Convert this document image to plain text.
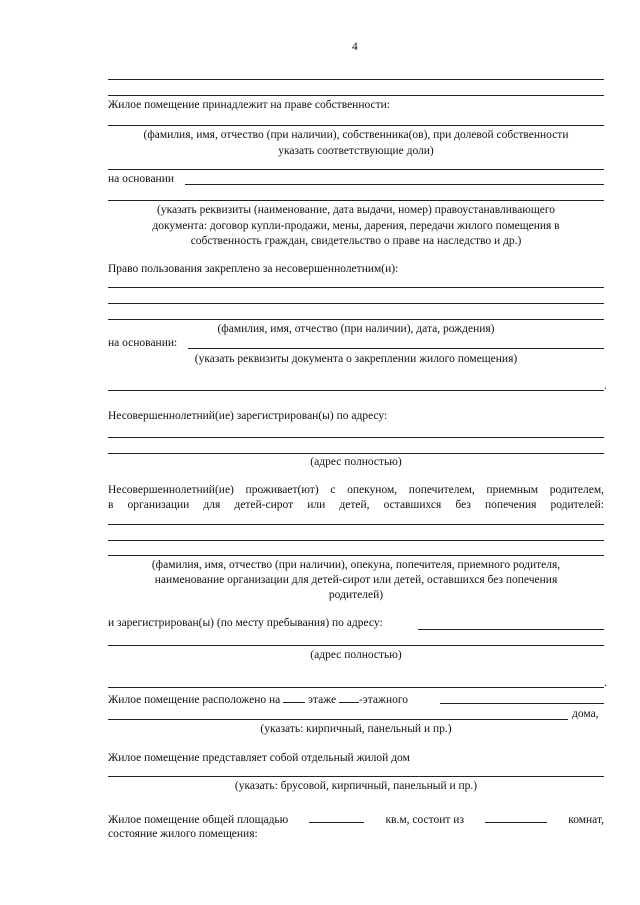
4
Жилое помещение принадлежит на праве собственности:
(фамилия, имя, отчество (при наличии), собственника(ов), при долевой собственности
указать соответствующие доли)
на основании
(указать реквизиты (наименование, дата выдачи, номер) правоустанавливающего
документа: договор купли-продажи, мены, дарения, передачи жилого помещения в
собственность граждан, свидетельство о праве на наследство и др.)
Право пользования закреплено за несовершеннолетним(и):
(фамилия, имя, отчество (при наличии), дата, рождения)
на основании:
(указать реквизиты документа о закреплении жилого помещения)
.
Несовершеннолетний(ие) зарегистрирован(ы) по адресу:
(адрес полностью)
Несовершеннолетний(ие) проживает(ют) с опекуном, попечителем, приемным родителем,
в организации для детей-сирот или детей, оставшихся без попечения родителей:
(фамилия, имя, отчество (при наличии), опекуна, попечителя, приемного родителя,
наименование организации для детей-сирот или детей, оставшихся без попечения
родителей)
и зарегистрирован(ы) (по месту пребывания) по адресу:
(адрес полностью)
.
Жилое помещение расположено на этаже -этажного
дома,
(указать: кирпичный, панельный и пр.)
Жилое помещение представляет собой отдельный жилой дом
(указать: брусовой, кирпичный, панельный и пр.)
Жилое помещение общей площадью	кв.м, состоит из	комнат,
состояние жилого помещения:
